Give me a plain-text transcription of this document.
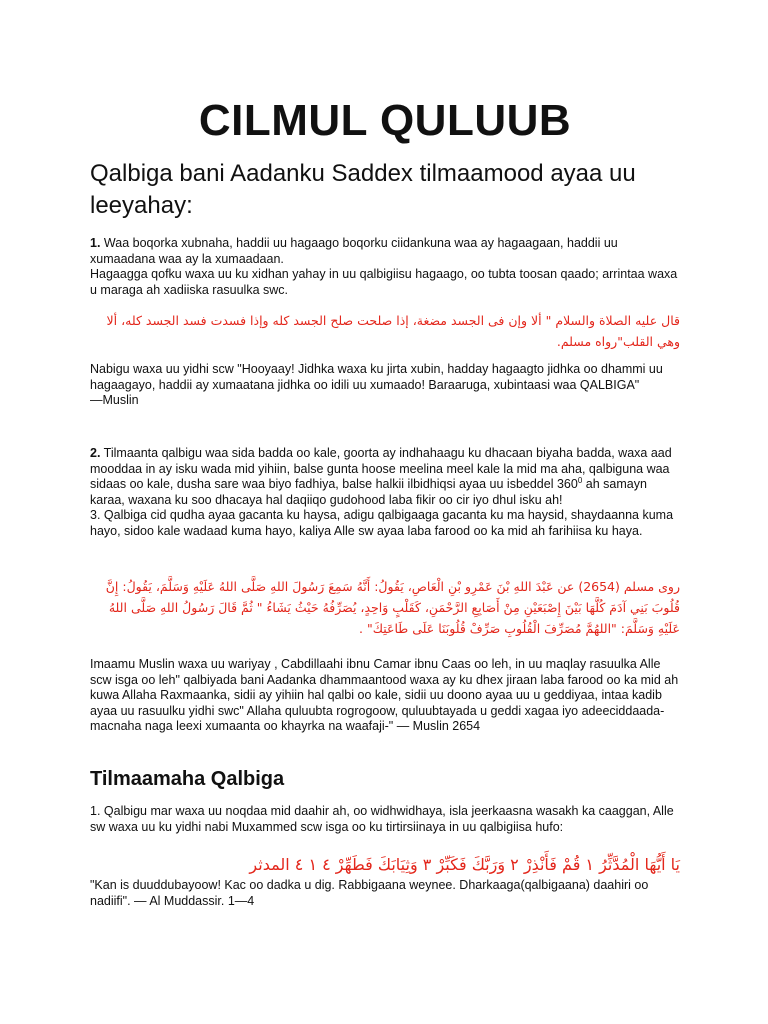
CILMUL QULUUB

Qalbiga bani Aadanku Saddex tilmaamood ayaa uu leeyahay:

1. Waa boqorka xubnaha, haddii uu hagaago boqorku ciidankuna waa ay hagaagaan, haddii uu xumaadana waa ay la xumaadaan.
Hagaagga qofku waxa uu ku xidhan yahay in uu qalbigiisu hagaago, oo tubta toosan qaado; arrintaa waxa u maraga ah xadiiska rasuulka swc.

قال عليه الصلاة والسلام " ألا وإن فى الجسد مضغة، إذا صلحت صلح الجسد كله وإذا فسدت فسد الجسد كله، ألا وهي القلب"رواه مسلم.

Nabigu waxa uu yidhi scw "Hooyaay! Jidhka waxa ku jirta xubin, hadday hagaagto jidhka oo dhammi uu hagaagayo, haddii ay xumaatana jidhka oo idili uu xumaado! Baraaruga, xubintaasi waa QALBIGA"
—Muslin

2. Tilmaanta qalbigu waa sida badda oo kale, goorta ay indhahaagu ku dhacaan biyaha badda, waxa aad mooddaa in ay isku wada mid yihiin, balse gunta hoose meelina meel kale la mid ma aha, qalbiguna waa sidaas oo kale, dusha sare waa biyo fadhiya, balse halkii ilbidhiqsi ayaa uu isbeddel $360^0$ ah samayn karaa, waxana ku soo dhacaya hal daqiiqo gudohood laba fikir oo cir iyo dhul isku ah!
3. Qalbiga cid qudha ayaa gacanta ku haysa, adigu qalbigaaga gacanta ku ma haysid, shaydaanna kuma hayo, sidoo kale wadaad kuma hayo, kaliya Alle sw ayaa laba farood oo ka mid ah farihiisa ku haya.

روى مسلم (2654) عن عَبْدَ اللهِ بْنَ عَمْرِو بْنِ الْعَاصِ، يَقُولُ: أَنَّهُ سَمِعَ رَسُولَ اللهِ صَلَّى اللهُ عَلَيْهِ وَسَلَّمَ، يَقُولُ: إِنَّ قُلُوبَ بَنِي آدَمَ كُلَّهَا بَيْنَ إِصْبَعَيْنِ مِنْ أَصَابِعِ الرَّحْمَنِ، كَقَلْبٍ وَاحِدٍ، يُصَرِّفُهُ حَيْثُ يَشَاءُ " ثُمَّ قَالَ رَسُولُ اللهِ صَلَّى اللهُ عَلَيْهِ وَسَلَّمَ: "اللهُمَّ مُصَرِّفَ الْقُلُوبِ صَرِّفْ قُلُوبَنَا عَلَى طَاعَتِكَ" .

Imaamu Muslin waxa uu wariyay , Cabdillaahi ibnu Camar ibnu Caas oo leh, in uu maqlay rasuulka Alle scw isga oo leh" qalbiyada bani Aadanka dhammaantood waxa ay ku dhex jiraan laba farood oo ka mid ah kuwa Allaha Raxmaanka, sidii ay yihiin hal qalbi oo kale, sidii uu doono ayaa uu u geddiyaa, intaa kadib ayaa uu rasuulku yidhi swc" Allaha quluubta rogrogoow, quluubtayada u geddi xagaa iyo adeeciddaada-macnaha naga leexi xumaanta oo khayrka na waafaji-" — Muslin 2654

Tilmaamaha Qalbiga

1. Qalbigu mar waxa uu noqdaa mid daahir ah, oo widhwidhaya, isla jeerkaasna wasakh ka caaggan, Alle sw waxa uu ku yidhi nabi Muxammed scw isga oo ku tirtirsiinaya in uu qalbigiisa hufo:

يَا أَيُّهَا الْمُدَّثِّرُ ١ قُمْ فَأَنْذِرْ ٢ وَرَبَّكَ فَكَبِّرْ ٣ وَثِيَابَكَ فَطَهِّرْ ٤ ١ ٤ المدثر

"Kan is duuddubayoow! Kac oo dadka u dig. Rabbigaana weynee. Dharkaaga(qalbigaana) daahiri oo nadiifi". — Al Muddassir. 1—4
